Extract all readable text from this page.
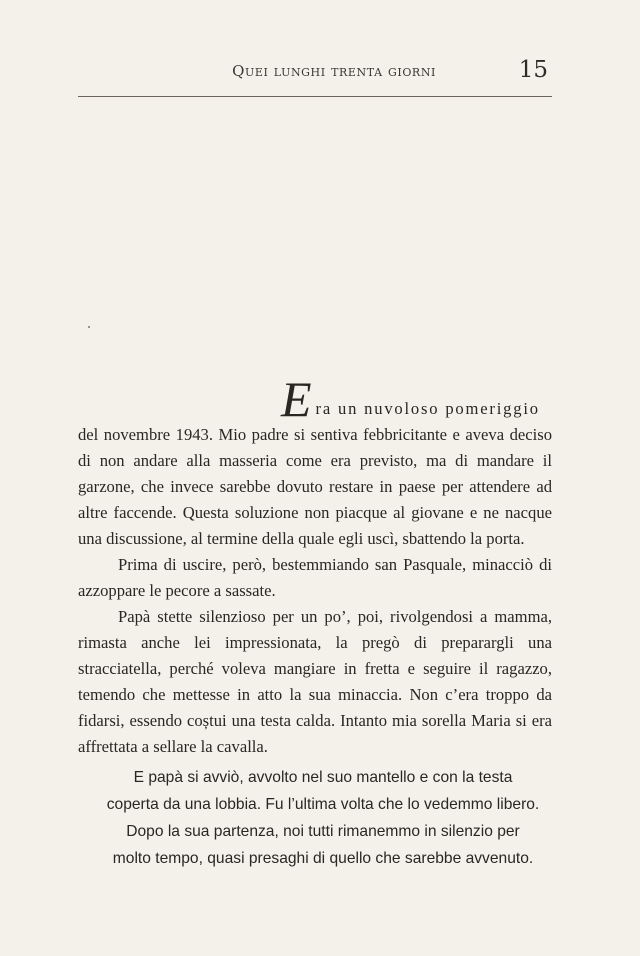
Quei lunghi trenta giorni	15

Era un nuvoloso pomeriggio
del novembre 1943. Mio padre si sentiva febbricitante e aveva deciso di non andare alla masseria come era previsto, ma di mandare il garzone, che invece sarebbe dovuto restare in paese per attendere ad altre faccende. Questa soluzione non piacque al giovane e ne nacque una discussione, al termine della quale egli uscì, sbattendo la porta.

Prima di uscire, però, bestemmiando san Pasquale, minacciò di azzoppare le pecore a sassate.

Papà stette silenzioso per un po’, poi, rivolgendosi a mamma, rimasta anche lei impressionata, la pregò di preparargli una stracciatella, perché voleva mangiare in fretta e seguire il ragazzo, temendo che mettesse in atto la sua minaccia. Non c’era troppo da fidarsi, essendo coștui una testa calda. Intanto mia sorella Maria si era affrettata a sellare la cavalla.

E papà si avviò, avvolto nel suo mantello e con la testa coperta da una lobbia. Fu l’ultima volta che lo vedemmo libero. Dopo la sua partenza, noi tutti rimanemmo in silenzio per molto tempo, quasi presaghi di quello che sarebbe avvenuto.
